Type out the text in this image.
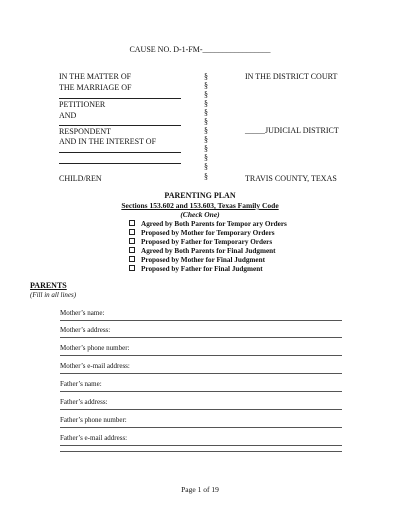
CAUSE NO. D-1-FM-_________________
IN THE MATTER OF
THE MARRIAGE OF
PETITIONER
AND
RESPONDENT
AND IN THE INTEREST OF
CHILD/REN
§
§
§
§
§
§
§
§
§
§
§
§
IN THE DISTRICT COURT
_____JUDICIAL DISTRICT
TRAVIS COUNTY, TEXAS
PARENTING PLAN
Sections 153.602 and 153.603, Texas Family Code
(Check One)
Agreed by Both Parents for Tempor ary Orders
Proposed by Mother for Temporary Orders
Proposed by Father for Temporary Orders
Agreed by Both Parents for Final Judgment
Proposed by Mother for Final Judgment
Proposed by Father for Final Judgment
PARENTS
(Fill in all lines)
Mother’s name:
Mother’s address:
Mother’s phone number:
Mother’s e-mail address:
Father’s name:
Father’s address:
Father’s phone number:
Father’s e-mail address:
Page 1 of 19
